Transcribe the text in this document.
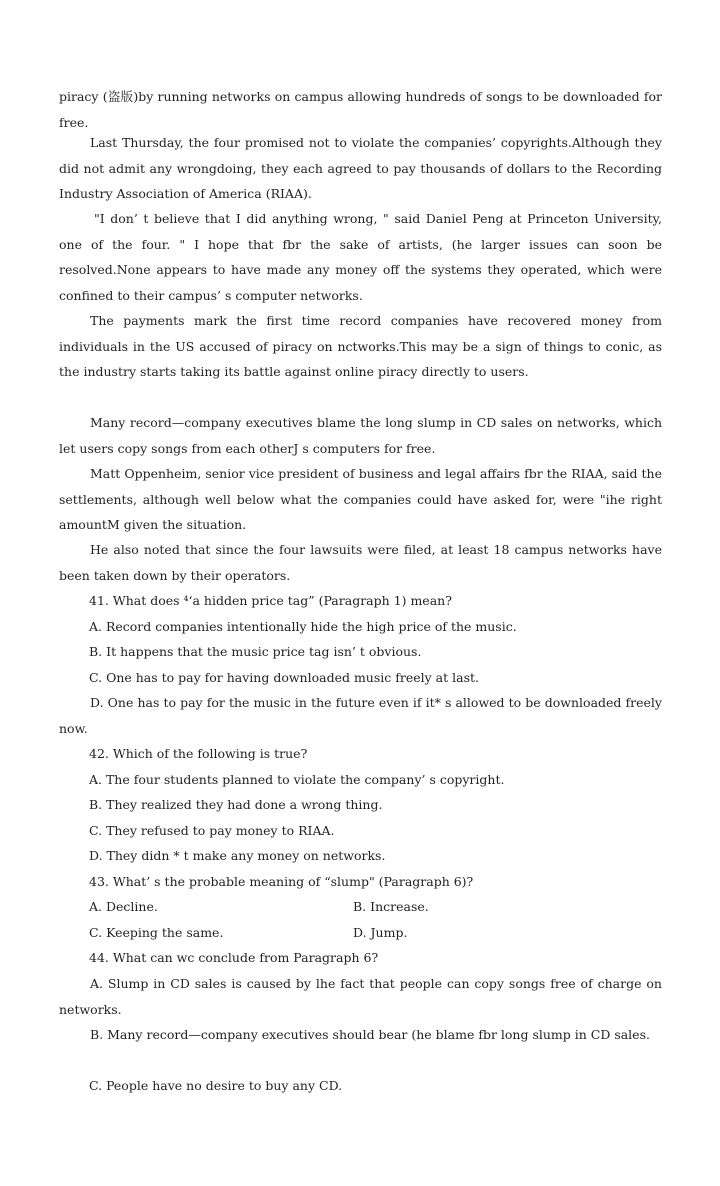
piracy (盗版)by running networks on campus allowing hundreds of songs to be downloaded for free.

Last Thursday, the four promised not to violate the companies’ copyrights.Although they did not admit any wrongdoing, they each agreed to pay thousands of dollars to the Recording Industry Association of America (RIAA).

"I don’ t believe that I did anything wrong, " said Daniel Peng at Princeton University, one of the four. " I hope that fbr the sake of artists, (he larger issues can soon be resolved.None appears to have made any money off the systems they operated, which were confined to their campus’ s computer networks.

The payments mark the first time record companies have recovered money from individuals in the US accused of piracy on nctworks.This may be a sign of things to conic, as the industry starts taking its battle against online piracy directly to users.

Many record—company executives blame the long slump in CD sales on networks, which let users copy songs from each otherJ s computers for free.

Matt Oppenheim, senior vice president of business and legal affairs fbr the RIAA, said the settlements, although well below what the companies could have asked for, were "ihe right amountM given the situation.

He also noted that since the four lawsuits were filed, at least 18 campus networks have been taken down by their operators.

41. What does ⁴‘a hidden price tag” (Paragraph 1) mean?

A. Record companies intentionally hide the high price of the music.

B. It happens that the music price tag isn’ t obvious.

C. One has to pay for having downloaded music freely at last.

D. One has to pay for the music in the future even if it* s allowed to be downloaded freely now.

42. Which of the following is true?

A. The four students planned to violate the company’ s copyright.

B. They realized they had done a wrong thing.

C. They refused to pay money to RIAA.

D. They didn * t make any money on networks.

43. What’ s the probable meaning of “slump" (Paragraph 6)?

A. Decline.	B. Increase.

C. Keeping the same.	D. Jump.

44. What can wc conclude from Paragraph 6?

A. Slump in CD sales is caused by lhe fact that people can copy songs free of charge on networks.

B. Many record—company executives should bear (he blame fbr long slump in CD sales.

C. People have no desire to buy any CD.
